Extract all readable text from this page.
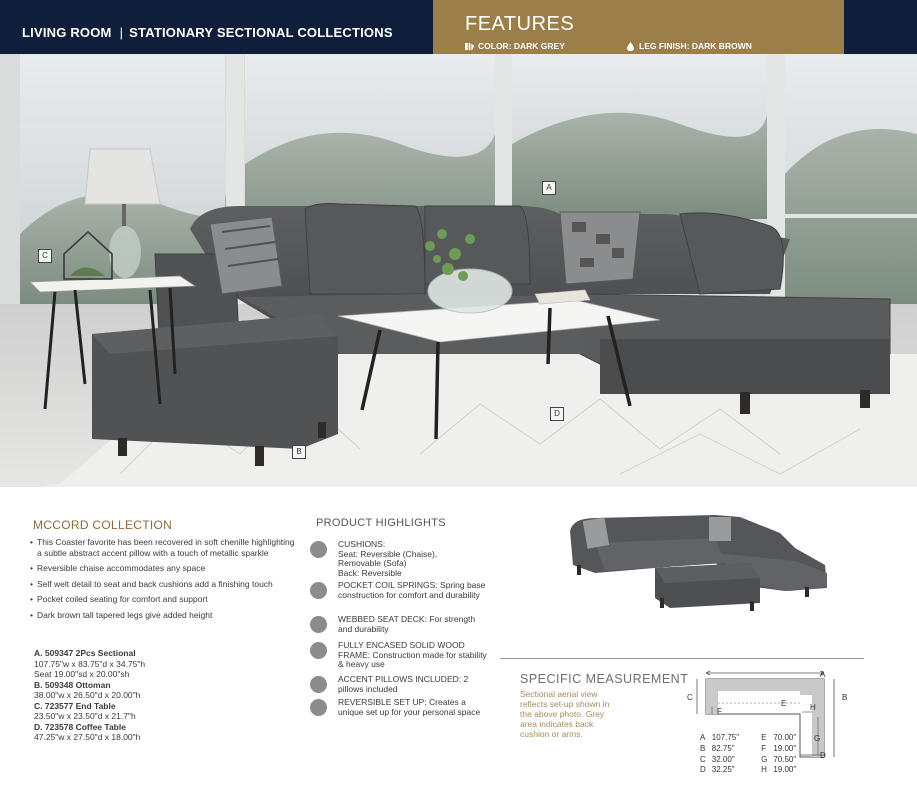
LIVING ROOM | STATIONARY SECTIONAL COLLECTIONS	FEATURES
COLOR: DARK GREY	LEG FINISH: DARK BROWN
A
B
C
D
MCCORD COLLECTION
• This Coaster favorite has been recovered in soft chenille highlighting a subtle abstract accent pillow with a touch of metallic sparkle
• Reversible chaise accommodates any space
• Self welt detail to seat and back cushions add a finishing touch
• Pocket coiled seating for comfort and support
• Dark brown tall tapered legs give added height
A. 509347 2Pcs Sectional
107.75"w x 83.75"d x 34.75"h
Seat 19.00"sd x 20.00"sh
B. 509348 Ottoman
38.00"w x 26.50"d x 20.00"h
C. 723577 End Table
23.50"w x 23.50"d x 21.7"h
D. 723578 Coffee Table
47.25"w x 27.50"d x 18.00"h
PRODUCT HIGHLIGHTS
CUSHIONS:
Seat: Reversible (Chaise),
Removable (Sofa)
Back: Reversible
POCKET COIL SPRINGS: Spring base construction for comfort and durability
WEBBED SEAT DECK: For strength and durability
FULLY ENCASED SOLID WOOD FRAME: Construction made for stability & heavy use
ACCENT PILLOWS INCLUDED: 2 pillows included
REVERSIBLE SET UP: Creates a unique set up for your personal space
SPECIFIC MEASUREMENT
Sectional aerial view reflects set-up shown in the above photo. Grey area indicates back cushion or arms.
A
B
C
D
E
F
G
H
A	107.75"	E	70.00"
B	82.75"	F	19.00"
C	32.00"	G	70.50"
D	32.25"	H	19.00"
